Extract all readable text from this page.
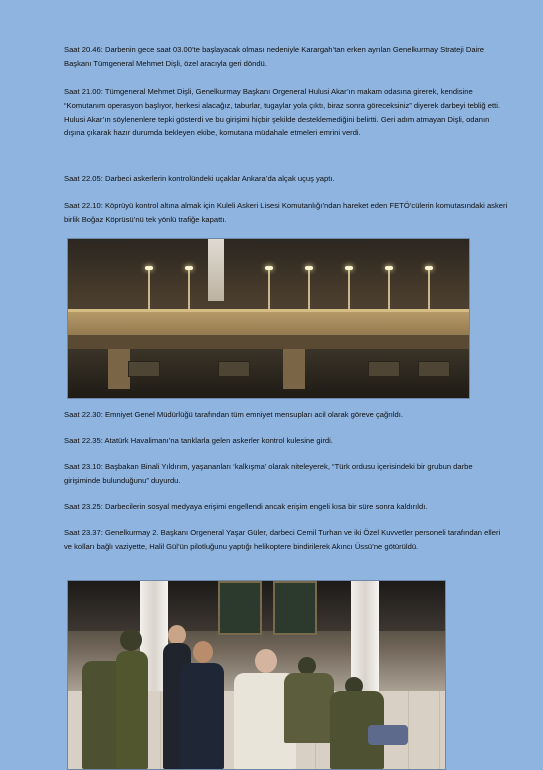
Saat 20.46: Darbenin gece saat 03.00’te başlayacak olması nedeniyle Karargah’tan erken ayrılan Genelkurmay Strateji Daire Başkanı Tümgeneral Mehmet Dişli, özel aracıyla geri döndü.

Saat 21.00: Tümgeneral Mehmet Dişli, Genelkurmay Başkanı Orgeneral Hulusi Akar’ın makam odasına girerek, kendisine “Komutanım operasyon başlıyor, herkesi alacağız, taburlar, tugaylar yola çıktı, biraz sonra göreceksiniz” diyerek darbeyi tebliğ etti. Hulusi Akar’ın söylenenlere tepki gösterdi ve bu girişimi hiçbir şekilde desteklemediğini belirtti. Geri adım atmayan Dişli, odanın dışına çıkarak hazır durumda bekleyen ekibe, komutana müdahale etmeleri emrini verdi.

Saat 22.05: Darbeci askerlerin kontrolündeki uçaklar Ankara’da alçak uçuş yaptı.

Saat 22.10: Köprüyü kontrol altına almak için Kuleli Askeri Lisesi Komutanlığı’ndan hareket eden FETÖ’cülerin komutasındaki askeri birlik Boğaz Köprüsü’nü tek yönlü trafiğe kapattı.

Saat 22.30: Emniyet Genel Müdürlüğü tarafından tüm emniyet mensupları acil olarak göreve çağrıldı.

Saat 22.35: Atatürk Havalimanı’na tanklarla gelen askerler kontrol kulesine girdi.

Saat 23.10: Başbakan Binali Yıldırım, yaşananları ‘kalkışma’ olarak niteleyerek, “Türk ordusu içerisindeki bir grubun darbe girişiminde bulunduğunu” duyurdu.

Saat 23.25: Darbecilerin sosyal medyaya erişimi engellendi ancak erişim engeli kısa bir süre sonra kaldırıldı.

Saat 23.37: Genelkurmay 2. Başkanı Orgeneral Yaşar Güler, darbeci Cemil Turhan ve iki Özel Kuvvetler personeli tarafından elleri ve kolları bağlı vaziyette, Halil Gül’ün pilotluğunu yaptığı helikoptere bindirilerek Akıncı Üssü’ne götürüldü.
